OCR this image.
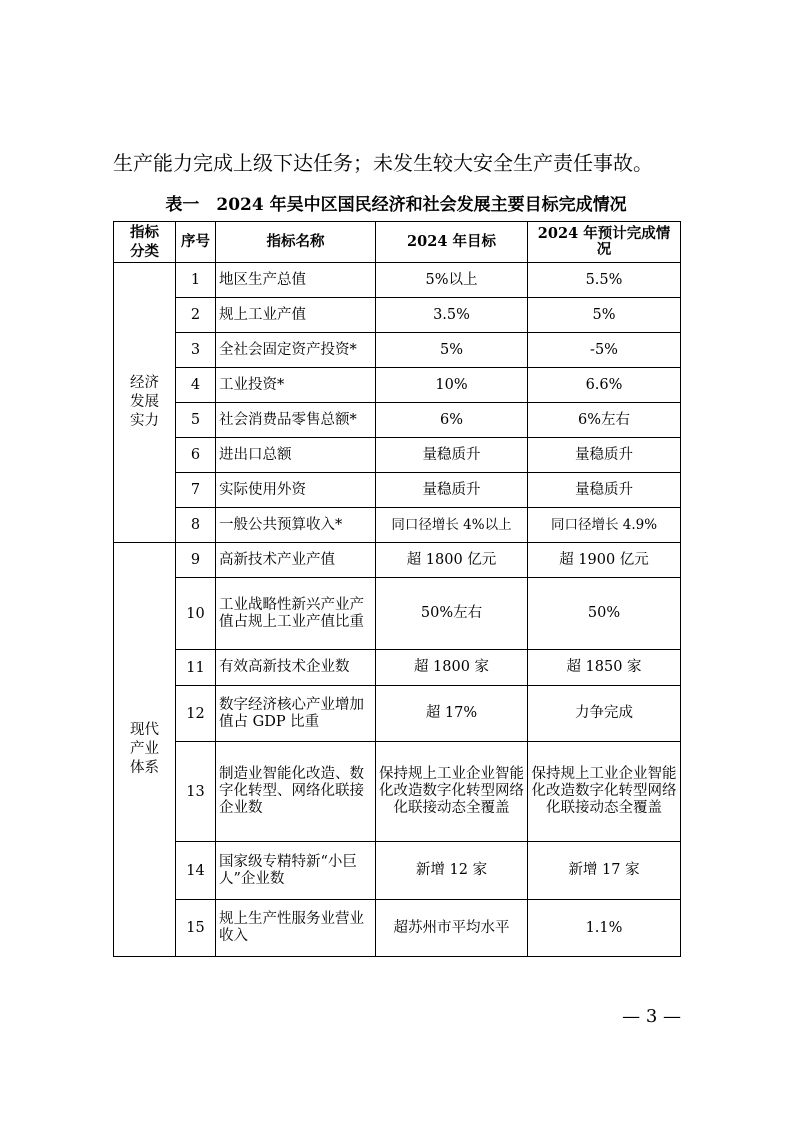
生产能力完成上级下达任务；未发生较大安全生产责任事故。
表一　2024 年吴中区国民经济和社会发展主要目标完成情况
指标分类	序号	指标名称	2024 年目标	2024 年预计完成情况
经济发展实力	1	地区生产总值	5%以上	5.5%
	2	规上工业产值	3.5%	5%
	3	全社会固定资产投资*	5%	-5%
	4	工业投资*	10%	6.6%
	5	社会消费品零售总额*	6%	6%左右
	6	进出口总额	量稳质升	量稳质升
	7	实际使用外资	量稳质升	量稳质升
	8	一般公共预算收入*	同口径增长 4%以上	同口径增长 4.9%
现代产业体系	9	高新技术产业产值	超 1800 亿元	超 1900 亿元
	10	工业战略性新兴产业产值占规上工业产值比重	50%左右	50%
	11	有效高新技术企业数	超 1800 家	超 1850 家
	12	数字经济核心产业增加值占 GDP 比重	超 17%	力争完成
	13	制造业智能化改造、数字化转型、网络化联接企业数	保持规上工业企业智能化改造数字化转型网络化联接动态全覆盖	保持规上工业企业智能化改造数字化转型网络化联接动态全覆盖
	14	国家级专精特新“小巨人”企业数	新增 12 家	新增 17 家
	15	规上生产性服务业营业收入	超苏州市平均水平	1.1%
— 3 —
